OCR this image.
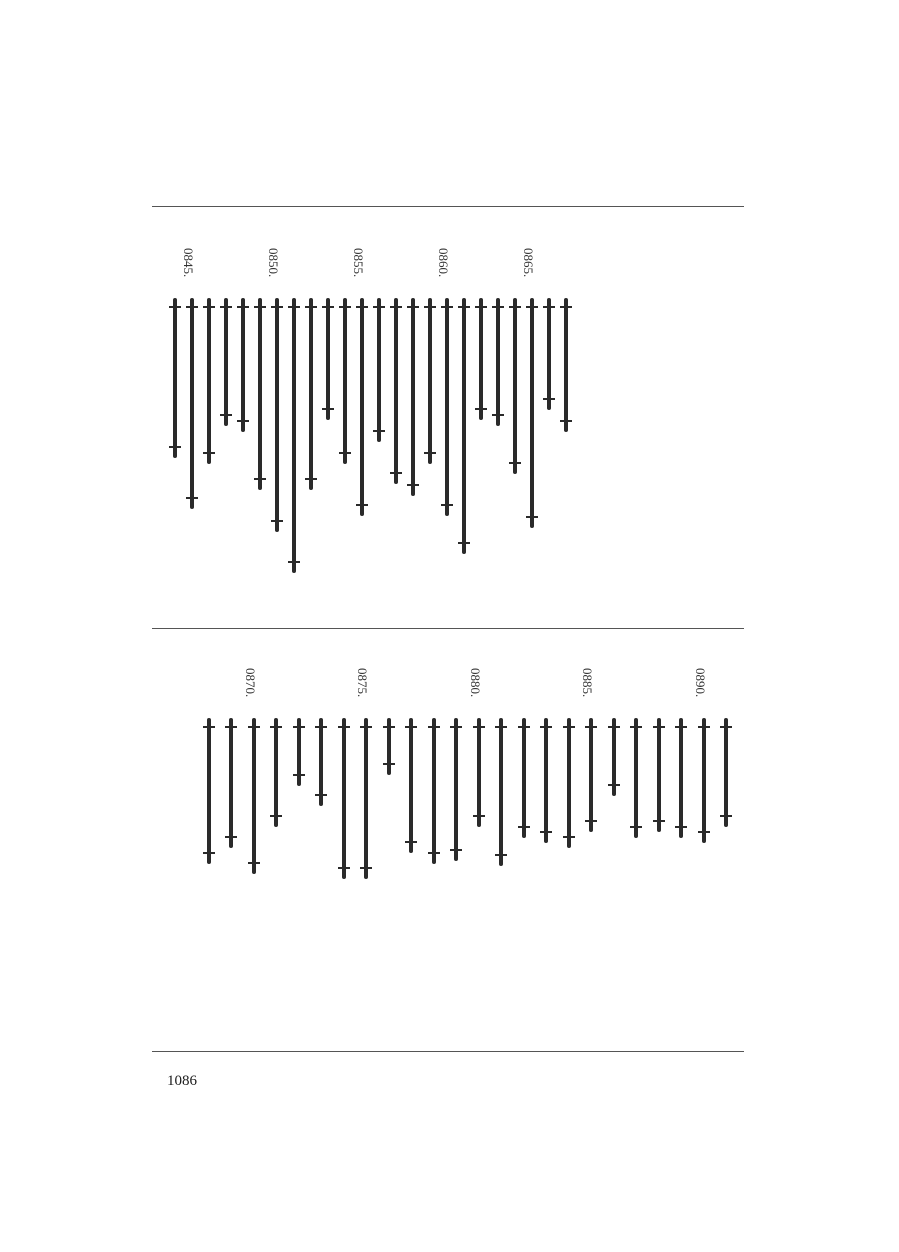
0865.
0860.
0855.
0850.
0845.
0890.
0885.
0880.
0875.
0870.
1086
